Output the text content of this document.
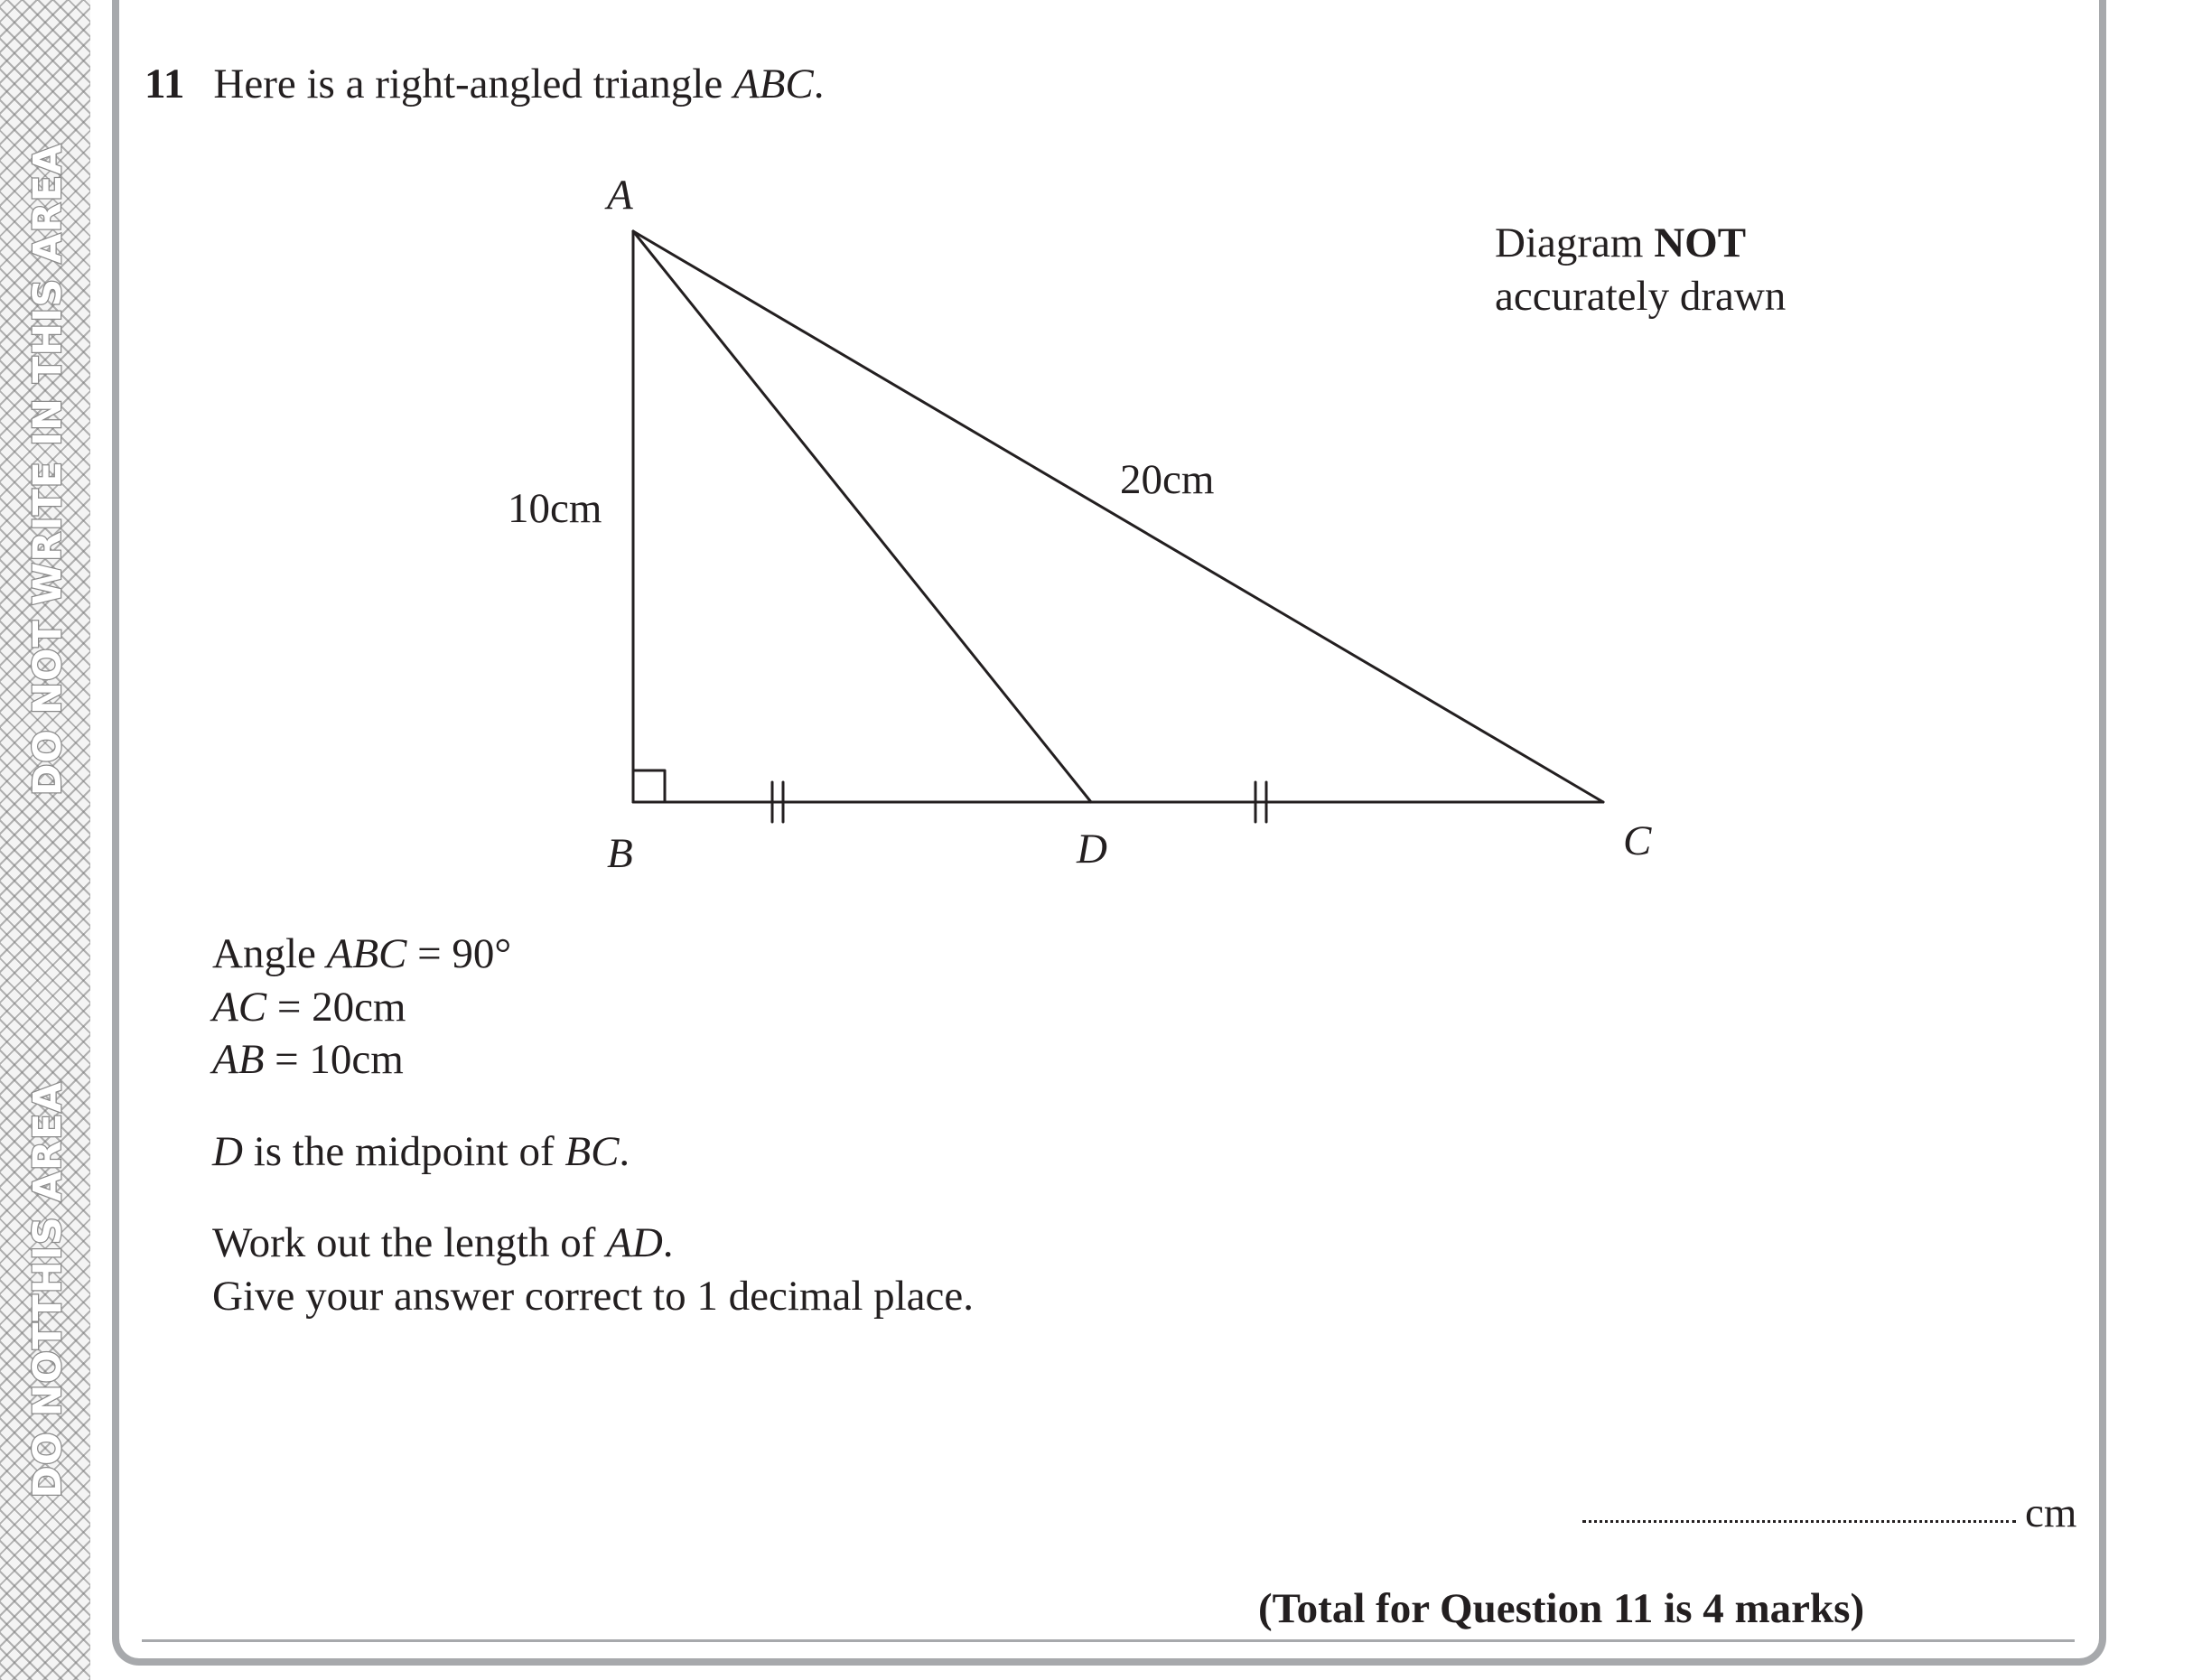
DO NOT WRITE IN THIS AREA
DO NOTTHIS AREA
11 Here is a right-angled triangle ABC.
A
B	D	C
10cm
20cm
Diagram NOT
accurately drawn
Angle ABC = 90°
AC = 20cm
AB = 10cm
D is the midpoint of BC.
Work out the length of AD.
Give your answer correct to 1 decimal place.
cm
(Total for Question 11 is 4 marks)
